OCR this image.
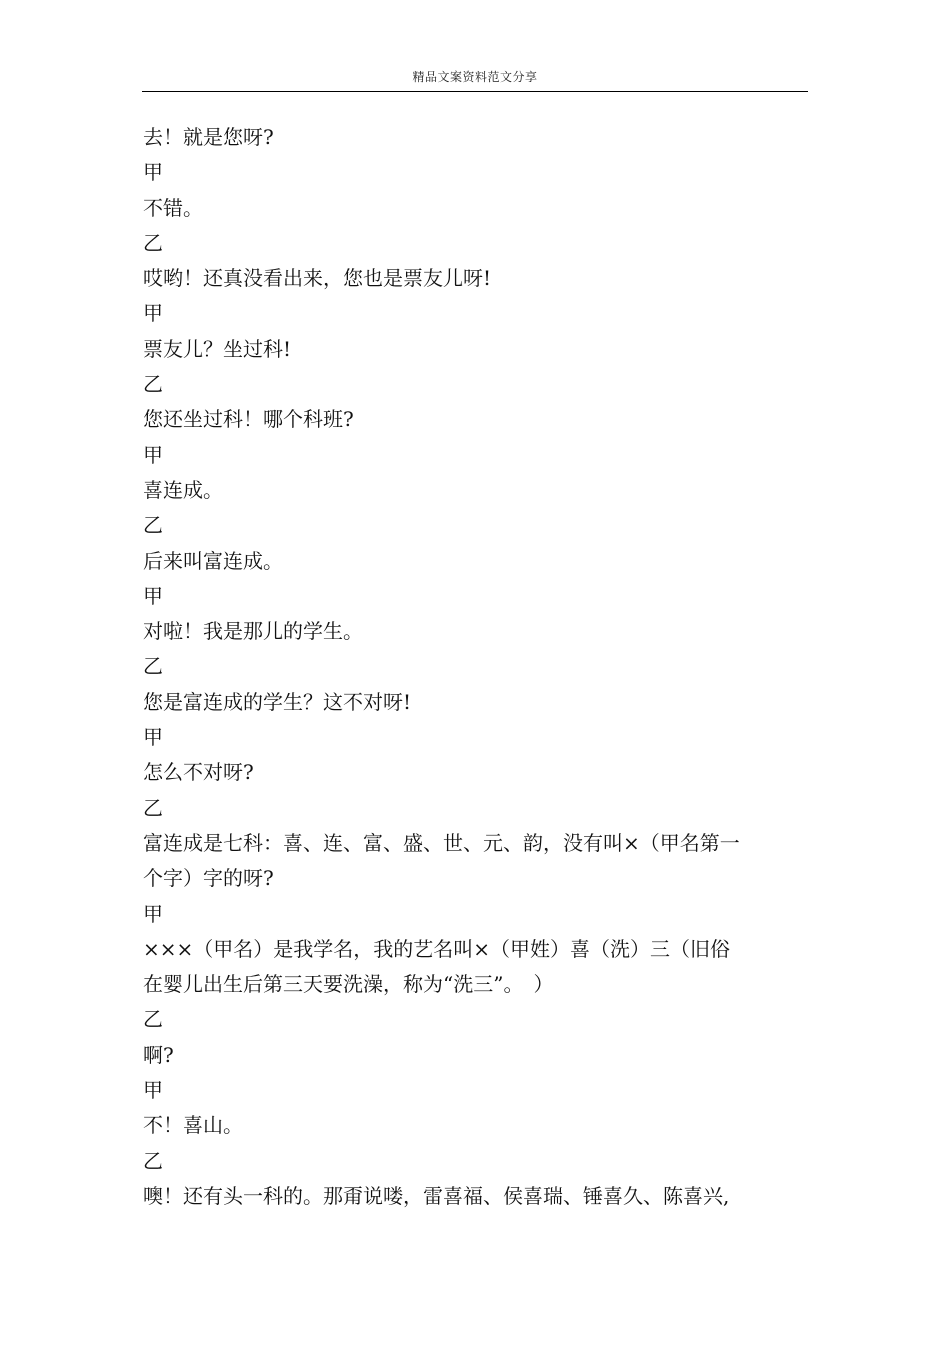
精品文案资料范文分享
去！就是您呀?
甲
不错。
乙
哎哟！还真没看出来，您也是票友儿呀!
甲
票友儿？坐过科!
乙
您还坐过科！哪个科班?
甲
喜连成。
乙
后来叫富连成。
甲
对啦！我是那儿的学生。
乙
您是富连成的学生？这不对呀!
甲
怎么不对呀?
乙
富连成是七科：喜、连、富、盛、世、元、韵，没有叫×（甲名第一
个字）字的呀?
甲
×××（甲名）是我学名，我的艺名叫×（甲姓）喜（洗）三（旧俗
在婴儿出生后第三天要洗澡，称为“洗三”。　）
乙
啊?
甲
不！喜山。
乙
噢！还有头一科的。那甭说喽，雷喜福、侯喜瑞、锤喜久、陈喜兴,
